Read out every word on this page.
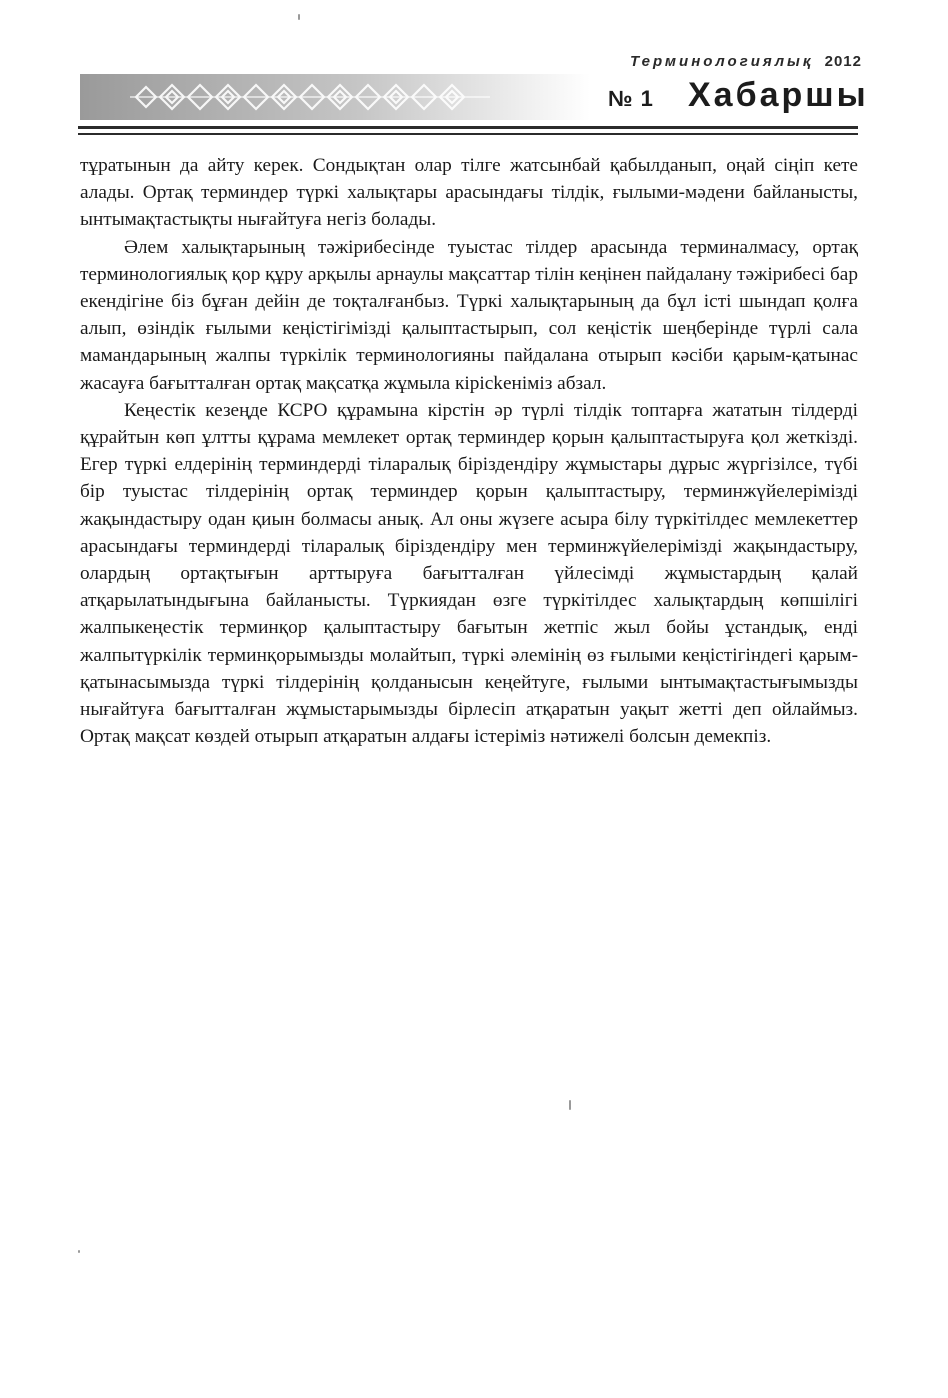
Терминологиялық 2012
№ 1 Хабаршы

тұратынын да айту керек. Сондықтан олар тілге жатсынбай қабылданып, оңай сіңіп кете алады. Ортақ терминдер түркі халықтары арасындағы тілдік, ғылыми-мәдени байланысты, ынтымақтастықты нығайтуға негіз болады.

Әлем халықтарының тәжірибесінде туыстас тілдер арасында терминалмасу, ортақ терминологиялық қор құру арқылы арнаулы мақсаттар тілін кеңінен пайдалану тәжірибесі бар екендігіне біз бұған дейін де тоқталғанбыз. Түркі халықтарының да бұл істі шындап қолға алып, өзіндік ғылыми кеңістігімізді қалыптастырып, сол кеңістік шеңберінде түрлі сала мамандарының жалпы түркілік терминологияны пайдалана отырып кәсіби қарым-қатынас жасауға бағытталған ортақ мақсатқа жұмыла кірісkенiміз абзал.

Кеңестік кезеңде КСРО құрамына кірстін әр түрлі тілдік топтарға жататын тілдерді құрайтын көп ұлтты құрама мемлекет ортақ терминдер қорын қалыптастыруға қол жеткізді. Егер түркі елдерінің терминдерді тіларалық біріздендіру жұмыстары дұрыс жүргізілсе, түбі бір туыстас тілдерінің ортақ терминдер қорын қалыптастыру, терминжүйелерімізді жақындастыру одан қиын болмасы анық. Ал оны жүзеге асыра білу түркітілдес мемлекеттер арасындағы терминдерді тіларалық біріздендіру мен терминжүйелерімізді жақындастыру, олардың ортақтығын арттыруға бағытталған үйлесімді жұмыстардың қалай атқарылатындығына байланысты. Түркиядан өзге түркітілдес халықтардың көпшілігі жалпыкеңестік терминқор қалыптастыру бағытын жетпіс жыл бойы ұстандық, енді жалпытүркілік терминқорымызды молайтып, түркі әлемінің өз ғылыми кеңістігіндегі қарым-қатынасымызда түркі тілдерінің қолданысын кеңейтуге, ғылыми ынтымақтастығымызды нығайтуға бағытталған жұмыстарымызды бірлесіп атқаратын уақыт жетті деп ойлаймыз. Ортақ мақсат көздей отырып атқаратын алдағы істеріміз нәтижелі болсын демекпіз.
